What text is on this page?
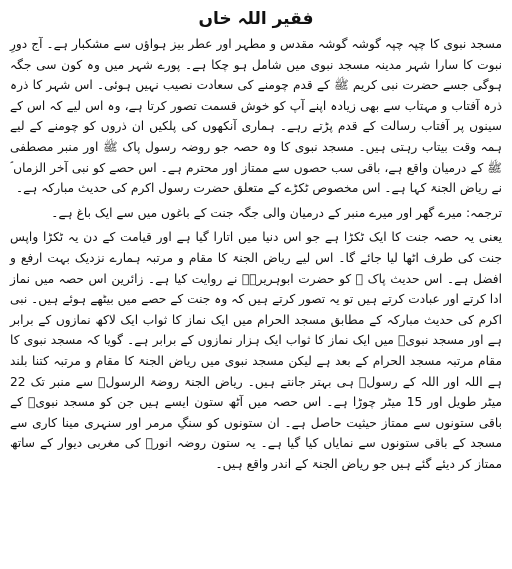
فقیر اللہ خاں

مسجد نبوی کا چپہ چپہ گوشہ گوشہ مقدس و مطہر اور عطر بیز ہواؤں سے مشکبار ہے۔ آج دورِ نبوت کا سارا شہر مدینہ مسجد نبوی میں شامل ہو چکا ہے۔ پورے شہر میں وہ کون سی جگہ ہوگی جسے حضرت نبی کریم ﷺ کے قدم چومنے کی سعادت نصیب نہیں ہوئی۔ اس شہر کا ذرہ ذرہ آفتاب و مہتاب سے بھی زیادہ اپنے آپ کو خوش قسمت تصور کرتا ہے، وہ اس لیے کہ اس کے سینوں پر آفتاب رسالت کے قدم پڑتے رہے۔ ہماری آنکھوں کی پلکیں ان ذروں کو چومنے کے لیے ہمہ وقت بیتاب رہتی ہیں۔ مسجد نبوی کا وہ حصہ جو روضہ رسول پاک ﷺ اور منبر مصطفی ﷺ کے درمیان واقع ہے، باقی سب حصوں سے ممتاز اور محترم ہے۔ اس حصے کو نبی آخر الزماں ؐ نے ریاض الجنۃ کہا ہے۔ اس مخصوص ٹکڑے کے متعلق حضرت رسول اکرم کی حدیث مبارکہ ہے۔

ترجمہ: میرے گھر اور میرے منبر کے درمیان والی جگہ جنت کے باغوں میں سے ایک باغ ہے۔

یعنی یہ حصہ جنت کا ایک ٹکڑا ہے جو اس دنیا میں اتارا گیا ہے اور قیامت کے دن یہ ٹکڑا واپس جنت کی طرف اٹھا لیا جائے گا۔ اس لیے ریاض الجنۃ کا مقام و مرتبہ ہمارے نزدیک بہت ارفع و افضل ہے۔ اس حدیث پاک ﷺ کو حضرت ابوہریرہؓ نے روایت کیا ہے۔ زائرین اس حصہ میں نماز ادا کرتے اور عبادت کرتے ہیں تو یہ تصور کرتے ہیں کہ وہ جنت کے حصے میں بیٹھے ہوئے ہیں۔ نبی اکرم کی حدیث مبارکہ کے مطابق مسجد الحرام میں ایک نماز کا ثواب ایک لاکھ نمازوں کے برابر ہے اور مسجد نبویؐ میں ایک نماز کا ثواب ایک ہزار نمازوں کے برابر ہے۔ گویا کہ مسجد نبوی کا مقام مرتبہ مسجد الحرام کے بعد ہے لیکن مسجد نبوی میں ریاض الجنۃ کا مقام و مرتبہ کتنا بلند ہے اللہ اور اللہ کے رسولؐ ہی بہتر جانتے ہیں۔ ریاض الجنۃ روضۃ الرسولؐ سے منبر تک 22 میٹر طویل اور 15 میٹر چوڑا ہے۔ اس حصہ میں آٹھ ستون ایسے ہیں جن کو مسجد نبویؐ کے باقی ستونوں سے ممتاز حیثیت حاصل ہے۔ ان ستونوں کو سنگِ مرمر اور سنہری مینا کاری سے مسجد کے باقی ستونوں سے نمایاں کیا گیا ہے۔ یہ ستون روضہ انورؐ کی مغربی دیوار کے ساتھ ممتاز کر دیئے گئے ہیں جو ریاض الجنۃ کے اندر واقع ہیں۔
